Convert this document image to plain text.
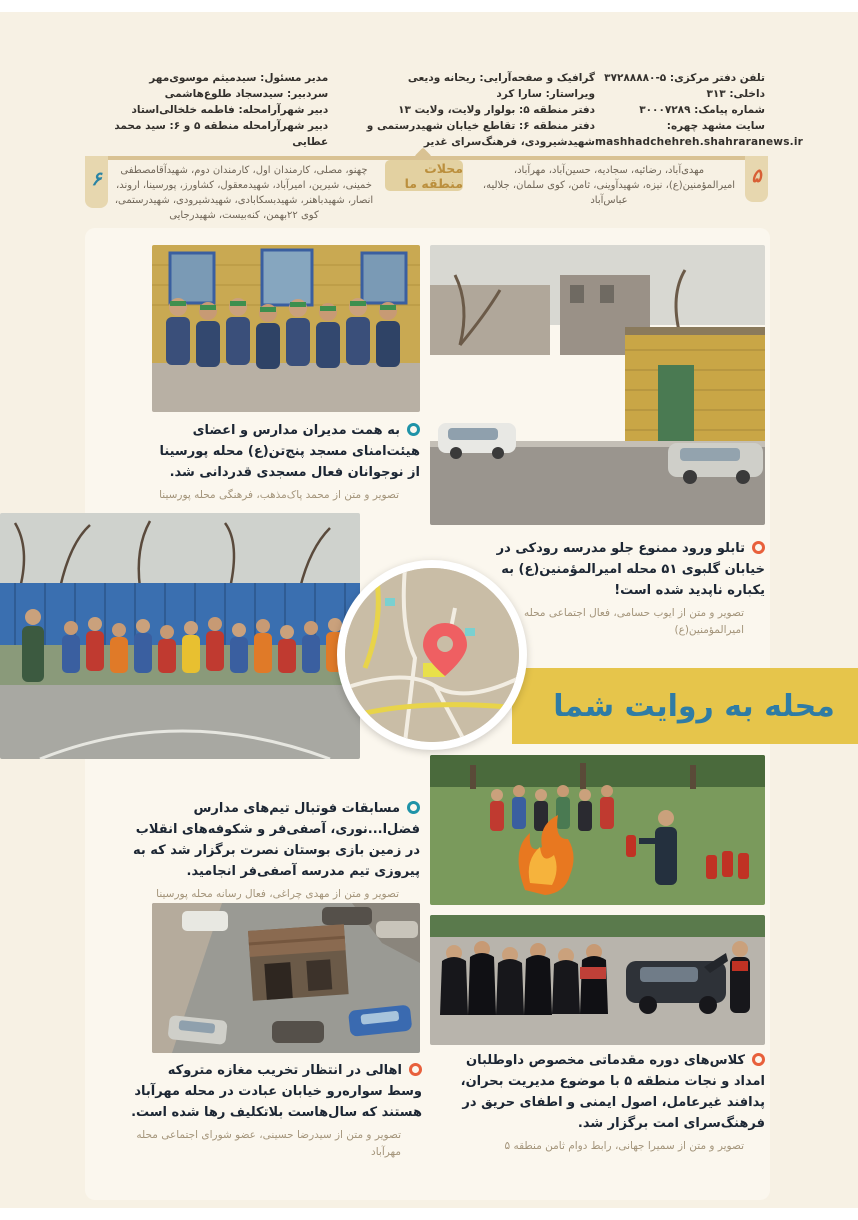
مدیر مسئول: سیدمیثم موسوی‌مهر
سردبیر: سیدسجاد طلوع‌هاشمی
دبیر شهرآرامحله: فاطمه خلخالی‌استاد
دبیر شهرآرامحله منطقه ۵ و ۶: سید محمد عطایی
گرافیک و صفحه‌آرایی: ریحانه ودیعی
ویراستار: سارا کرد
دفتر منطقه ۵: بولوار ولایت، ولایت ۱۳
دفتر منطقه ۶: تقاطع خیابان شهیدرستمی و شهیدشیرودی، فرهنگ‌سرای غدیر
تلفن دفتر مرکزی: ۵-۳۷۲۸۸۸۸۰ داخلی: ۳۱۳
شماره پیامک: ۳۰۰۰۷۲۸۹
سایت مشهد چهره:
mashhadchehreh.shahraranews.ir
۵
۶	محلات منطقه ما
مهدی‌آباد، رضائیه، سجادیه، حسین‌آباد، مهرآباد، امیرالمؤمنین(ع)، نیزه، شهیدآوینی، ثامن، کوی سلمان، جلالیه، عباس‌آباد
چهنو، مصلی، کارمندان اول، کارمندان دوم، شهیدآقامصطفی خمینی، شیرین، امیرآباد، شهیدمعقول، کشاورز، پورسینا، اروند، انصار، شهیدباهنر، شهیدبسکابادی، شهیدشیرودی، شهیدرستمی، کوی ۲۲بهمن، کنه‌بیست، شهیدرجایی

به همت مدیران مدارس و اعضای هیئت‌امنای مسجد پنج‌تن(ع) محله پورسینا از نوجوانان فعال مسجدی قدردانی شد.

تصویر و متن از محمد پاک‌مذهب، فرهنگی محله پورسینا

تابلو ورود ممنوع جلو مدرسه رودکی در خیابان گلبوی ۵۱ محله امیرالمؤمنین(ع) به یکباره ناپدید شده است!

تصویر و متن از ایوب حسامی، فعال اجتماعی محله امیرالمؤمنین(ع)
محله به روایت شما

مسابقات فوتبال تیم‌های مدارس فضل‌ا...نوری، آصفی‌فر و شکوفه‌های انقلاب در زمین بازی بوستان نصرت برگزار شد که به پیروزی تیم مدرسه آصفی‌فر انجامید.

تصویر و متن از مهدی چراغی، فعال رسانه محله پورسینا

اهالی در انتظار تخریب مغازه متروکه وسط سواره‌رو خیابان عبادت در محله مهرآباد هستند که سال‌هاست بلاتکلیف رها شده است.

تصویر و متن از سیدرضا حسینی، عضو شورای اجتماعی محله مهرآباد

کلاس‌های دوره مقدماتی مخصوص داوطلبان امداد و نجات منطقه ۵ با موضوع مدیریت بحران، پدافند غیرعامل، اصول ایمنی و اطفای حریق در فرهنگ‌سرای امت برگزار شد.

تصویر و متن از سمیرا جهانی، رابط دوام ثامن منطقه ۵
